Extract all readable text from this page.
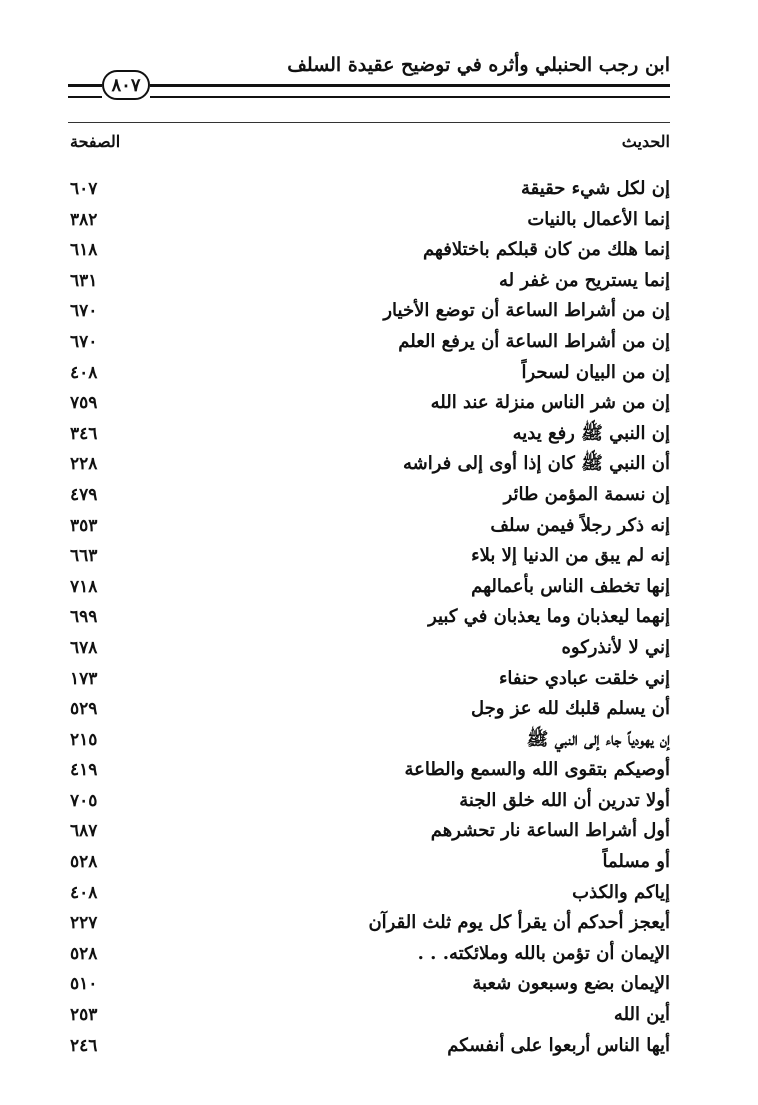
ابن رجب الحنبلي وأثره في توضيح عقيدة السلف
٨٠٧
الحديث
الصفحة
إن لكل شيء حقيقة
٦٠٧
إنما الأعمال بالنيات
٣٨٢
إنما هلك من كان قبلكم باختلافهم
٦١٨
إنما يستريح من غفر له
٦٣١
إن من أشراط الساعة أن توضع الأخيار
٦٧٠
إن من أشراط الساعة أن يرفع العلم
٦٧٠
إن من البيان لسحراً
٤٠٨
إن من شر الناس منزلة عند الله
٧٥٩
إن النبي ﷺ رفع يديه
٣٤٦
أن النبي ﷺ كان إذا أوى إلى فراشه
٢٢٨
إن نسمة المؤمن طائر
٤٧٩
إنه ذكر رجلاً فيمن سلف
٣٥٣
إنه لم يبق من الدنيا إلا بلاء
٦٦٣
إنها تخطف الناس بأعمالهم
٧١٨
إنهما ليعذبان وما يعذبان في كبير
٦٩٩
إني لا لأنذركوه
٦٧٨
إني خلقت عبادي حنفاء
١٧٣
أن يسلم قلبك لله عز وجل
٥٢٩
إن يهودياً جاء إلى النبي ﷺ
٢١٥
أوصيكم بتقوى الله والسمع والطاعة
٤١٩
أولا تدرين أن الله خلق الجنة
٧٠٥
أول أشراط الساعة نار تحشرهم
٦٨٧
أو مسلماً
٥٢٨
إياكم والكذب
٤٠٨
أيعجز أحدكم أن يقرأ كل يوم ثلث القرآن
٢٢٧
الإيمان أن تؤمن بالله وملائكته. . .
٥٢٨
الإيمان بضع وسبعون شعبة
٥١٠
أين الله
٢٥٣
أيها الناس أربعوا على أنفسكم
٢٤٦
